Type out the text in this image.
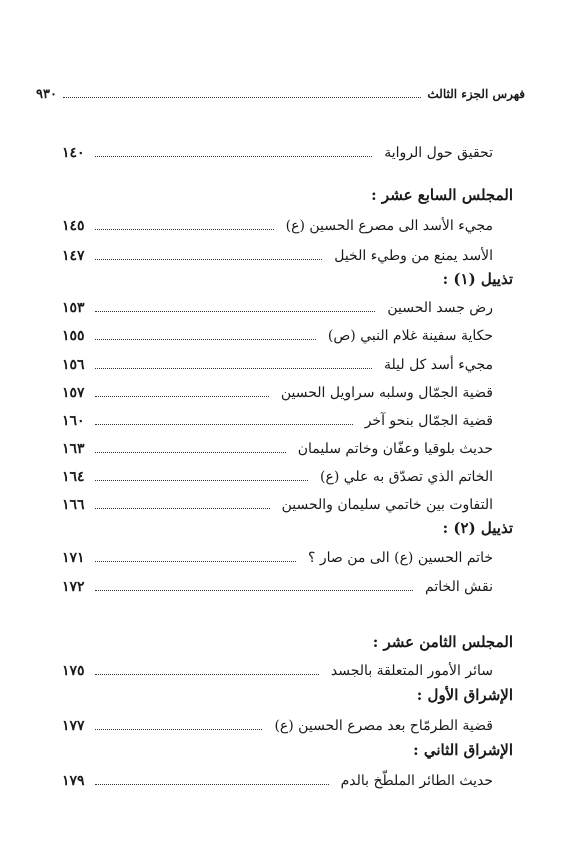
فهرس الجزء الثالث
٩٣٠
تحقيق حول الرواية
١٤٠
المجلس السابع عشر :
مجيء الأسد الى مصرع الحسين (ع)
١٤٥
الأسد يمنع من وطيء الخيل
١٤٧
تذييل (١) :
رض جسد الحسين
١٥٣
حكاية سفينة غلام النبي (ص)
١٥٥
مجيء أسد كل ليلة
١٥٦
قضية الجمّال وسلبه سراويل الحسين
١٥٧
قضية الجمّال بنحو آخر
١٦٠
حديث بلوقيا وعفّان وخاتم سليمان
١٦٣
الخاتم الذي تصدّق به علي (ع)
١٦٤
التفاوت بين خاتمي سليمان والحسين
١٦٦
تذييل (٢) :
خاتم الحسين (ع) الى من صار ؟
١٧١
نقش الخاتم
١٧٢
المجلس الثامن عشر :
سائر الأمور المتعلقة بالجسد
١٧٥
الإشراق الأول :
قضية الطرمّاح بعد مصرع الحسين (ع)
١٧٧
الإشراق الثاني :
حديث الطائر الملطّخ بالدم
١٧٩
